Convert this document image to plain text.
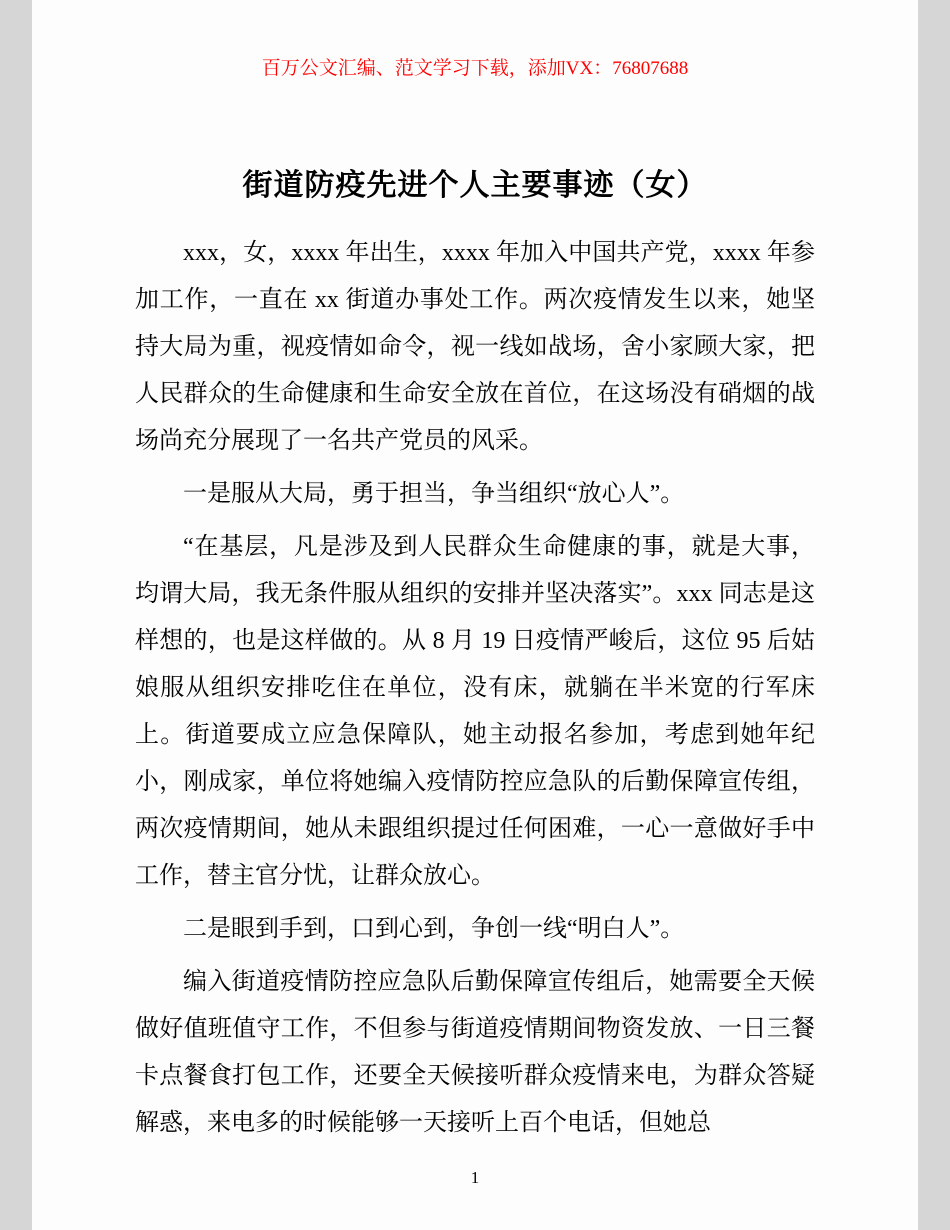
百万公文汇编、范文学习下载，添加VX：76807688
街道防疫先进个人主要事迹（女）

xxx，女，xxxx 年出生，xxxx 年加入中国共产党，xxxx 年参加工作，一直在 xx 街道办事处工作。两次疫情发生以来，她坚持大局为重，视疫情如命令，视一线如战场，舍小家顾大家，把人民群众的生命健康和生命安全放在首位，在这场没有硝烟的战场尚充分展现了一名共产党员的风采。

一是服从大局，勇于担当，争当组织“放心人”。

“在基层，凡是涉及到人民群众生命健康的事，就是大事，均谓大局，我无条件服从组织的安排并坚决落实”。xxx 同志是这样想的，也是这样做的。从 8 月 19 日疫情严峻后，这位 95 后姑娘服从组织安排吃住在单位，没有床，就躺在半米宽的行军床上。街道要成立应急保障队，她主动报名参加，考虑到她年纪小，刚成家，单位将她编入疫情防控应急队的后勤保障宣传组，两次疫情期间，她从未跟组织提过任何困难，一心一意做好手中工作，替主官分忧，让群众放心。

二是眼到手到，口到心到，争创一线“明白人”。

编入街道疫情防控应急队后勤保障宣传组后，她需要全天候做好值班值守工作，不但参与街道疫情期间物资发放、一日三餐卡点餐食打包工作，还要全天候接听群众疫情来电，为群众答疑解惑，来电多的时候能够一天接听上百个电话，但她总

1
